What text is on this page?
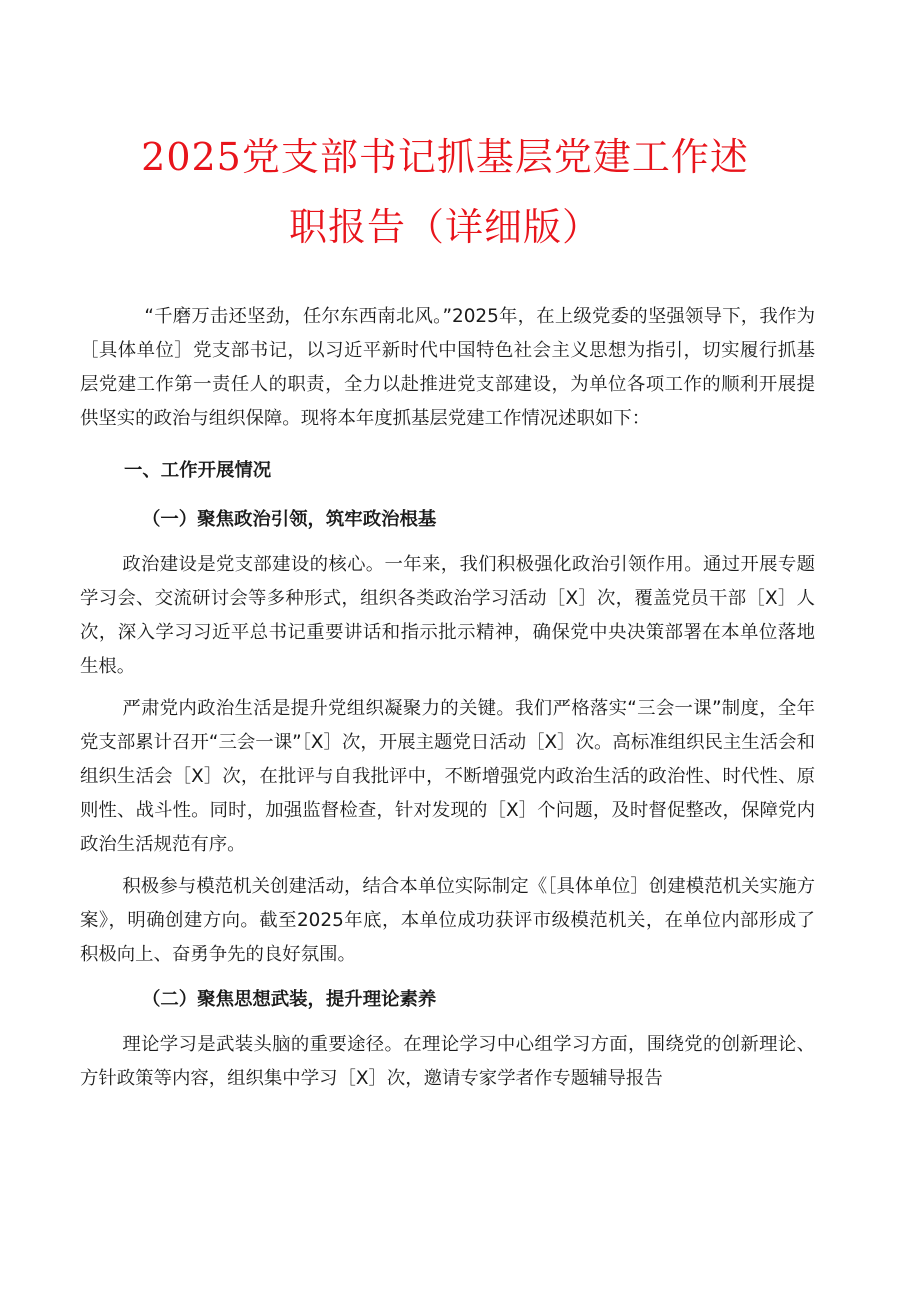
2025党支部书记抓基层党建工作述
职报告（详细版）

“千磨万击还坚劲，任尔东西南北风。”2025年，在上级党委的坚强领导下，我作为［具体单位］党支部书记，以习近平新时代中国特色社会主义思想为指引，切实履行抓基层党建工作第一责任人的职责，全力以赴推进党支部建设，为单位各项工作的顺利开展提供坚实的政治与组织保障。现将本年度抓基层党建工作情况述职如下：

一、工作开展情况
（一）聚焦政治引领，筑牢政治根基

政治建设是党支部建设的核心。一年来，我们积极强化政治引领作用。通过开展专题学习会、交流研讨会等多种形式，组织各类政治学习活动［X］次，覆盖党员干部［X］人次，深入学习习近平总书记重要讲话和指示批示精神，确保党中央决策部署在本单位落地生根。

严肃党内政治生活是提升党组织凝聚力的关键。我们严格落实“三会一课”制度，全年党支部累计召开“三会一课”［X］次，开展主题党日活动［X］次。高标准组织民主生活会和组织生活会［X］次，在批评与自我批评中，不断增强党内政治生活的政治性、时代性、原则性、战斗性。同时，加强监督检查，针对发现的［X］个问题，及时督促整改，保障党内政治生活规范有序。

积极参与模范机关创建活动，结合本单位实际制定《［具体单位］创建模范机关实施方案》，明确创建方向。截至2025年底，本单位成功获评市级模范机关，在单位内部形成了积极向上、奋勇争先的良好氛围。

（二）聚焦思想武装，提升理论素养

理论学习是武装头脑的重要途径。在理论学习中心组学习方面，围绕党的创新理论、方针政策等内容，组织集中学习［X］次，邀请专家学者作专题辅导报告
